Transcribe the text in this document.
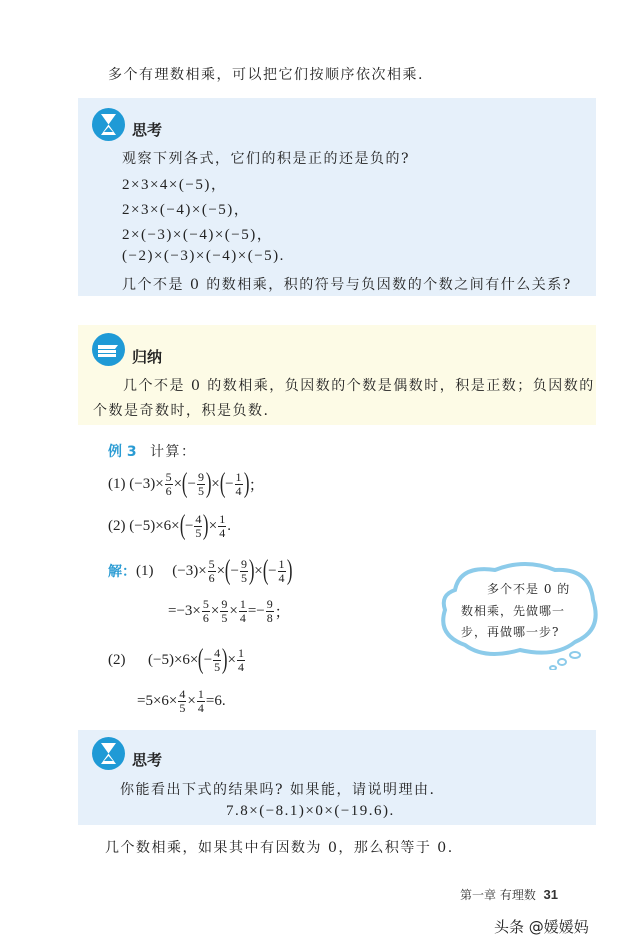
多个有理数相乘，可以把它们按顺序依次相乘.
思考
观察下列各式，它们的积是正的还是负的?
2×3×4×(−5)，
2×3×(−4)×(−5)，
2×(−3)×(−4)×(−5)，
(−2)×(−3)×(−4)×(−5).
几个不是 0 的数相乘，积的符号与负因数的个数之间有什么关系?
归纳
几个不是 0 的数相乘，负因数的个数是偶数时，积是正数；负因数的
个数是奇数时，积是负数.
例 3 计算：
(1)
$(-3)\times \frac{5}{6}$ × ( − $\frac{9}{5}$ ) × ( − $\frac{1}{4}$ ) ；
(2)
(−5)×6× ( − $\frac{4}{5}$ ) × $\frac{1}{4}$ .
解： (1)
$(-3)\times \frac{5}{6}$ × ( − $\frac{9}{5}$ ) × ( − $\frac{1}{4}$ )
$=-3\times \frac{5}{6} \times \frac{9}{5} \times \frac{1}{4} =- \frac{9}{8}$ ；
(2)
(−5)×6× ( − $\frac{4}{5}$ ) × $\frac{1}{4}$
$=5\times 6\times \frac{4}{5} \times \frac{1}{4} =6$.
多个不是 0 的
数相乘，先做哪一
步，再做哪一步?
思考
你能看出下式的结果吗? 如果能，请说明理由.
7.8×(−8.1)×0×(−19.6).
几个数相乘，如果其中有因数为 0，那么积等于 0.
第一章 有理数 31
头条 @媛媛妈
